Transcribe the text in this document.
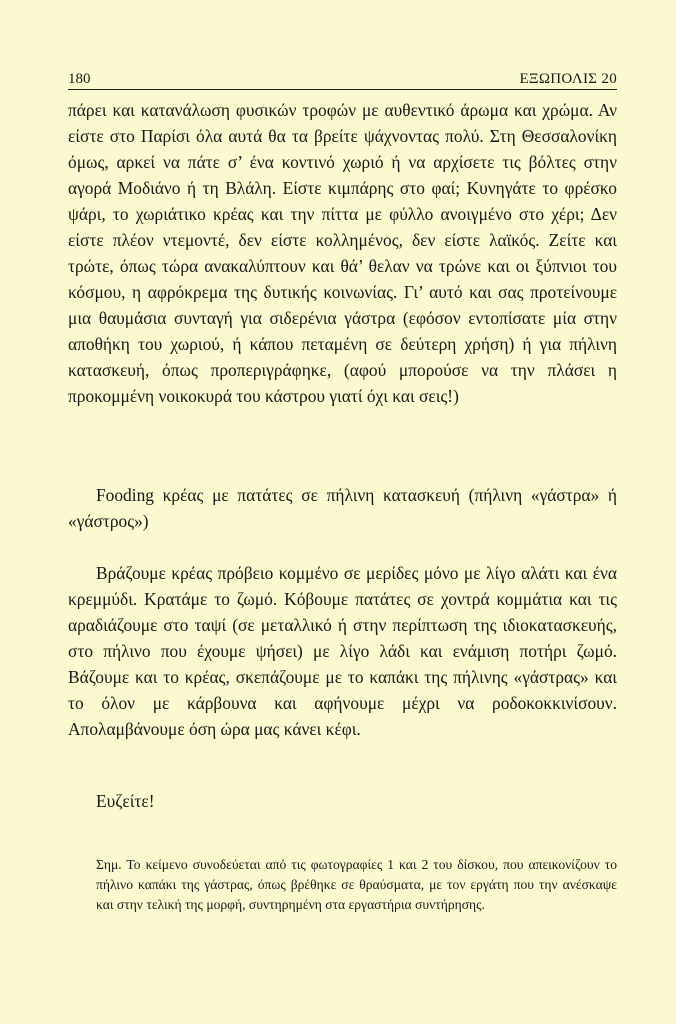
180	ΕΞΩΠΟΛΙΣ 20

πάρει και κατανάλωση φυσικών τροφών με αυθεντικό άρωμα και χρώμα. Αν είστε στο Παρίσι όλα αυτά θα τα βρείτε ψάχνοντας πολύ. Στη Θεσσαλονίκη όμως, αρκεί να πάτε σ’ ένα κοντινό χωριό ή να αρχίσετε τις βόλτες στην αγορά Μοδιάνο ή τη Βλάλη. Είστε κιμπάρης στο φαί; Κυνηγάτε το φρέσκο ψάρι, το χωριάτικο κρέας και την πίττα με φύλλο ανοιγμένο στο χέρι; Δεν είστε πλέον ντεμοντέ, δεν είστε κολλημένος, δεν είστε λαϊκός. Ζείτε και τρώτε, όπως τώρα ανακαλύπτουν και θά’ θελαν να τρώνε και οι ξύπνιοι του κόσμου, η αφρόκρεμα της δυτικής κοινωνίας. Γι’ αυτό και σας προτείνουμε μια θαυμάσια συνταγή για σιδερένια γάστρα (εφόσον εντοπίσατε μία στην αποθήκη του χωριού, ή κάπου πεταμένη σε δεύτερη χρήση) ή για πήλινη κατασκευή, όπως προπεριγράφηκε, (αφού μπορούσε να την πλάσει η προκομμένη νοικοκυρά του κάστρου γιατί όχι και σεις!)

Fooding κρέας με πατάτες σε πήλινη κατασκευή (πήλινη «γάστρα» ή «γάστρος»)

Βράζουμε κρέας πρόβειο κομμένο σε μερίδες μόνο με λίγο αλάτι και ένα κρεμμύδι. Κρατάμε το ζωμό. Κόβουμε πατάτες σε χοντρά κομμάτια και τις αραδιάζουμε στο ταψί (σε μεταλλικό ή στην περίπτωση της ιδιοκατασκευής, στο πήλινο που έχουμε ψήσει) με λίγο λάδι και ενάμιση ποτήρι ζωμό. Βάζουμε και το κρέας, σκεπάζουμε με το καπάκι της πήλινης «γάστρας» και το όλον με κάρβουνα και αφήνουμε μέχρι να ροδοκοκκινίσουν. Απολαμβάνουμε όση ώρα μας κάνει κέφι.

Ευζείτε!

Σημ. Το κείμενο συνοδεύεται από τις φωτογραφίες 1 και 2 του δίσκου, που απεικονίζουν το πήλινο καπάκι της γάστρας, όπως βρέθηκε σε θραύσματα, με τον εργάτη που την ανέσκαψε και στην τελική της μορφή, συντηρημένη στα εργαστήρια συντήρησης.
